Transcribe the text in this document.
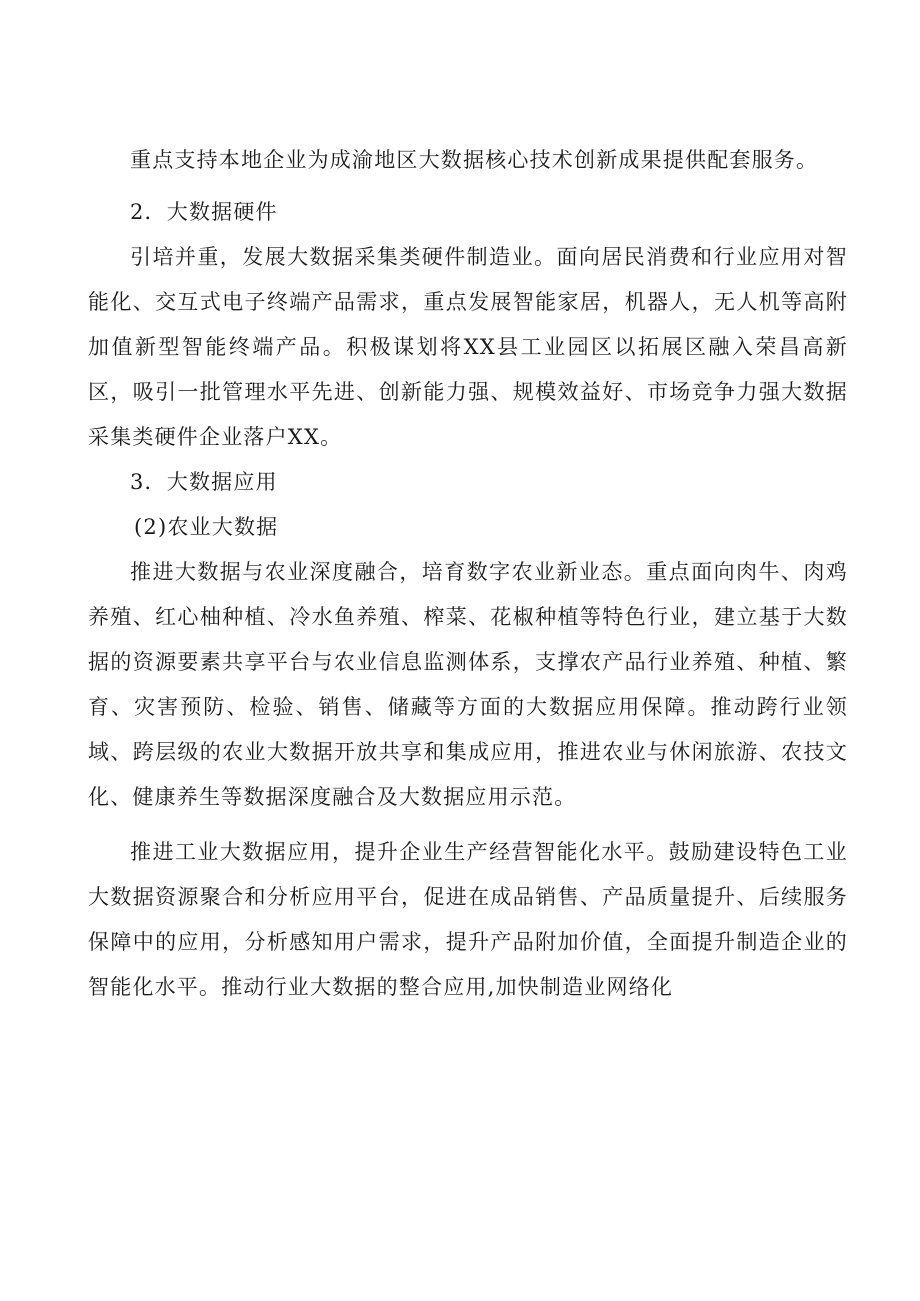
重点支持本地企业为成渝地区大数据核心技术创新成果提供配套服务。

2．大数据硬件

引培并重，发展大数据采集类硬件制造业。面向居民消费和行业应用对智能化、交互式电子终端产品需求，重点发展智能家居，机器人，无人机等高附加值新型智能终端产品。积极谋划将XX县工业园区以拓展区融入荣昌高新区，吸引一批管理水平先进、创新能力强、规模效益好、市场竞争力强大数据采集类硬件企业落户XX。

3．大数据应用

(2)农业大数据

推进大数据与农业深度融合，培育数字农业新业态。重点面向肉牛、肉鸡养殖、红心柚种植、冷水鱼养殖、榨菜、花椒种植等特色行业，建立基于大数据的资源要素共享平台与农业信息监测体系，支撑农产品行业养殖、种植、繁育、灾害预防、检验、销售、储藏等方面的大数据应用保障。推动跨行业领域、跨层级的农业大数据开放共享和集成应用，推进农业与休闲旅游、农技文化、健康养生等数据深度融合及大数据应用示范。

推进工业大数据应用，提升企业生产经营智能化水平。鼓励建设特色工业大数据资源聚合和分析应用平台，促进在成品销售、产品质量提升、后续服务保障中的应用，分析感知用户需求，提升产品附加价值，全面提升制造企业的智能化水平。推动行业大数据的整合应用,加快制造业网络化
